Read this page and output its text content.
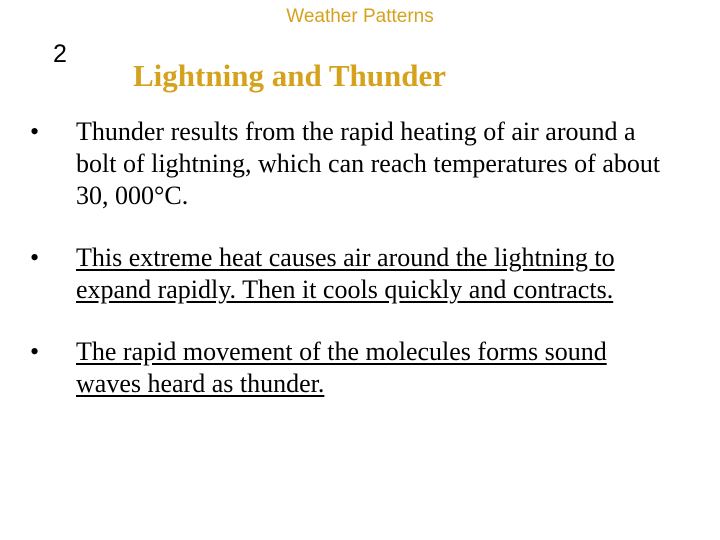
Weather Patterns
2
Lightning and Thunder
• Thunder results from the rapid heating of air around a bolt of lightning, which can reach temperatures of about 30, 000°C.
• This extreme heat causes air around the lightning to expand rapidly. Then it cools quickly and contracts.
• The rapid movement of the molecules forms sound waves heard as thunder.
